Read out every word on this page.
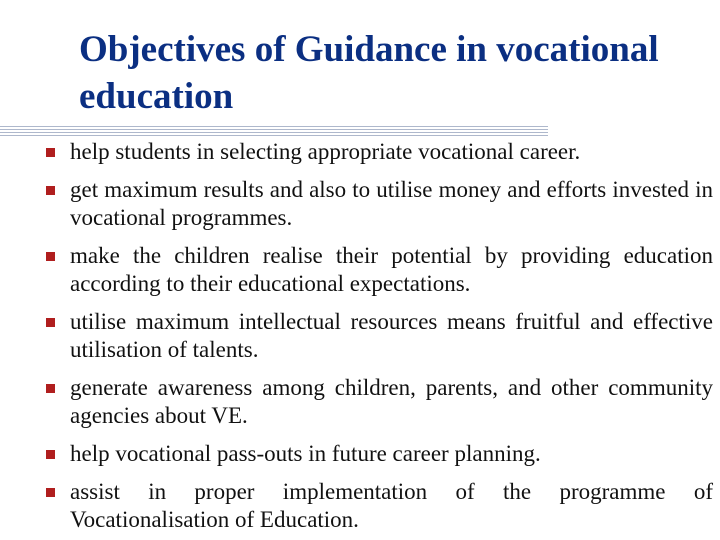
Objectives of Guidance in vocational education
help students in selecting appropriate vocational career.
get maximum results and also to utilise money and efforts invested in vocational programmes.
make the children realise their potential by providing education according to their educational expectations.
utilise maximum intellectual resources means fruitful and effective utilisation of talents.
generate awareness among children, parents, and other community agencies about VE.
help vocational pass-outs in future career planning.
assist in proper implementation of the programme of Vocationalisation of Education.
